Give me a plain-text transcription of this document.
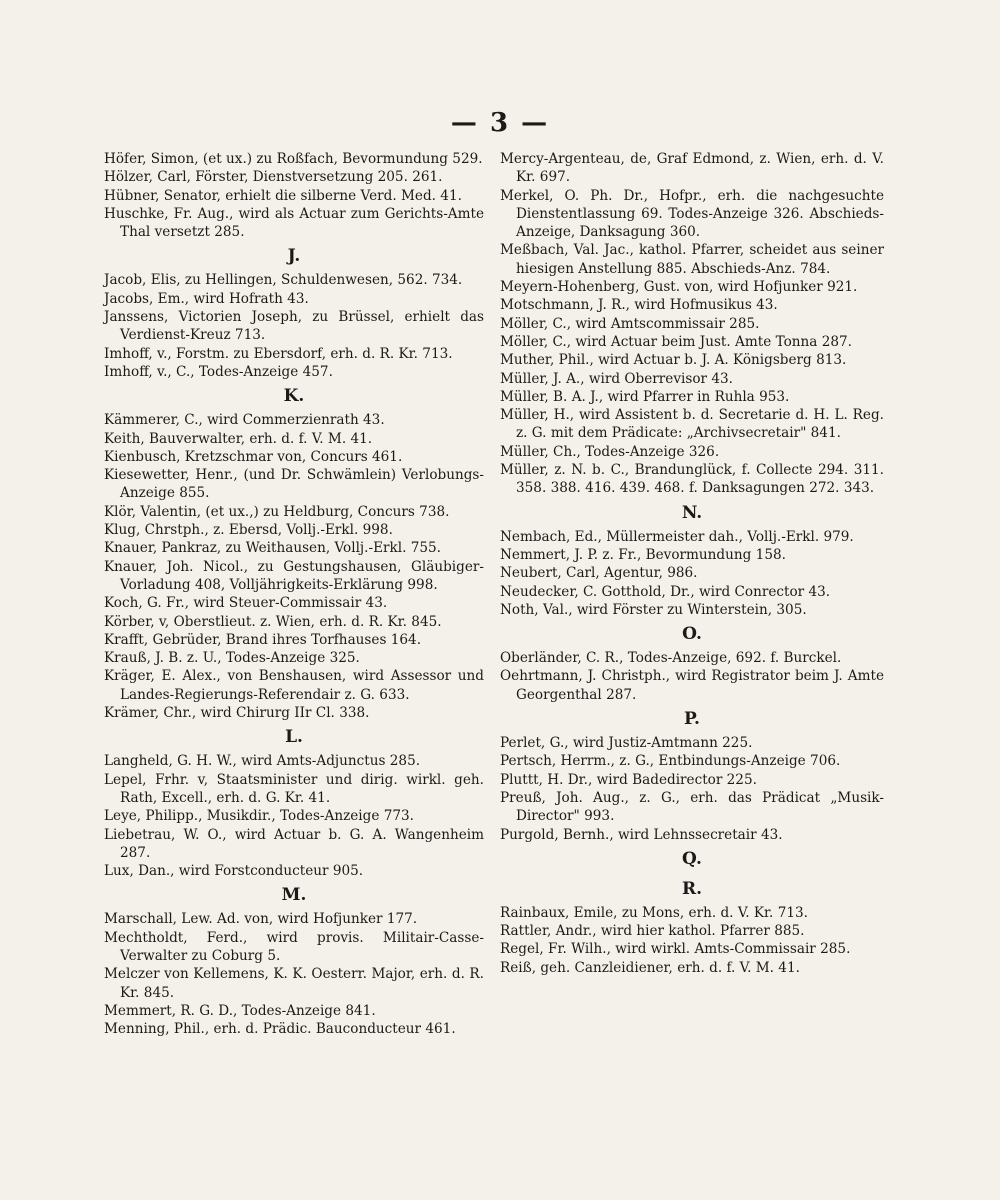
— 3 —
Höfer, Simon, (et ux.) zu Roßfach, Bevormundung 529.
Hölzer, Carl, Förster, Dienstversetzung 205. 261.
Hübner, Senator, erhielt die silberne Verd. Med. 41.
Huschke, Fr. Aug., wird als Actuar zum Gerichts-Amte Thal versetzt 285.
J.
Jacob, Elis, zu Hellingen, Schuldenwesen, 562. 734.
Jacobs, Em., wird Hofrath 43.
Janssens, Victorien Joseph, zu Brüssel, erhielt das Verdienst-Kreuz 713.
Imhoff, v., Forstm. zu Ebersdorf, erh. d. R. Kr. 713.
Imhoff, v., C., Todes-Anzeige 457.
K.
Kämmerer, C., wird Commerzienrath 43.
Keith, Bauverwalter, erh. d. f. V. M. 41.
Kienbusch, Kretzschmar von, Concurs 461.
Kiesewetter, Henr., (und Dr. Schwämlein) Verlobungs-Anzeige 855.
Klör, Valentin, (et ux.,) zu Heldburg, Concurs 738.
Klug, Chrstph., z. Ebersd, Vollj.-Erkl. 998.
Knauer, Pankraz, zu Weithausen, Vollj.-Erkl. 755.
Knauer, Joh. Nicol., zu Gestungshausen, Gläubiger-Vorladung 408, Volljährigkeits-Erklärung 998.
Koch, G. Fr., wird Steuer-Commissair 43.
Körber, v, Oberstlieut. z. Wien, erh. d. R. Kr. 845.
Krafft, Gebrüder, Brand ihres Torfhauses 164.
Krauß, J. B. z. U., Todes-Anzeige 325.
Kräger, E. Alex., von Benshausen, wird Assessor und Landes-Regierungs-Referendair z. G. 633.
Krämer, Chr., wird Chirurg IIr Cl. 338.
L.
Langheld, G. H. W., wird Amts-Adjunctus 285.
Lepel, Frhr. v, Staatsminister und dirig. wirkl. geh. Rath, Excell., erh. d. G. Kr. 41.
Leye, Philipp., Musikdir., Todes-Anzeige 773.
Liebetrau, W. O., wird Actuar b. G. A. Wangenheim 287.
Lux, Dan., wird Forstconducteur 905.
M.
Marschall, Lew. Ad. von, wird Hofjunker 177.
Mechtholdt, Ferd., wird provis. Militair-Casse-Verwalter zu Coburg 5.
Melczer von Kellemens, K. K. Oesterr. Major, erh. d. R. Kr. 845.
Memmert, R. G. D., Todes-Anzeige 841.
Menning, Phil., erh. d. Prädic. Bauconducteur 461.
Mercy-Argenteau, de, Graf Edmond, z. Wien, erh. d. V. Kr. 697.
Merkel, O. Ph. Dr., Hofpr., erh. die nachgesuchte Dienstentlassung 69. Todes-Anzeige 326. Abschieds-Anzeige, Danksagung 360.
Meßbach, Val. Jac., kathol. Pfarrer, scheidet aus seiner hiesigen Anstellung 885. Abschieds-Anz. 784.
Meyern-Hohenberg, Gust. von, wird Hofjunker 921.
Motschmann, J. R., wird Hofmusikus 43.
Möller, C., wird Amtscommissair 285.
Möller, C., wird Actuar beim Just. Amte Tonna 287.
Muther, Phil., wird Actuar b. J. A. Königsberg 813.
Müller, J. A., wird Oberrevisor 43.
Müller, B. A. J., wird Pfarrer in Ruhla 953.
Müller, H., wird Assistent b. d. Secretarie d. H. L. Reg. z. G. mit dem Prädicate: „Archivsecretair" 841.
Müller, Ch., Todes-Anzeige 326.
Müller, z. N. b. C., Brandunglück, f. Collecte 294. 311. 358. 388. 416. 439. 468. f. Danksagungen 272. 343.
N.
Nembach, Ed., Müllermeister dah., Vollj.-Erkl. 979.
Nemmert, J. P. z. Fr., Bevormundung 158.
Neubert, Carl, Agentur, 986.
Neudecker, C. Gotthold, Dr., wird Conrector 43.
Noth, Val., wird Förster zu Winterstein, 305.
O.
Oberländer, C. R., Todes-Anzeige, 692. f. Burckel.
Oehrtmann, J. Christph., wird Registrator beim J. Amte Georgenthal 287.
P.
Perlet, G., wird Justiz-Amtmann 225.
Pertsch, Herrm., z. G., Entbindungs-Anzeige 706.
Pluttt, H. Dr., wird Badedirector 225.
Preuß, Joh. Aug., z. G., erh. das Prädicat „Musik-Director" 993.
Purgold, Bernh., wird Lehnssecretair 43.
Q.
R.
Rainbaux, Emile, zu Mons, erh. d. V. Kr. 713.
Rattler, Andr., wird hier kathol. Pfarrer 885.
Regel, Fr. Wilh., wird wirkl. Amts-Commissair 285.
Reiß, geh. Canzleidiener, erh. d. f. V. M. 41.
